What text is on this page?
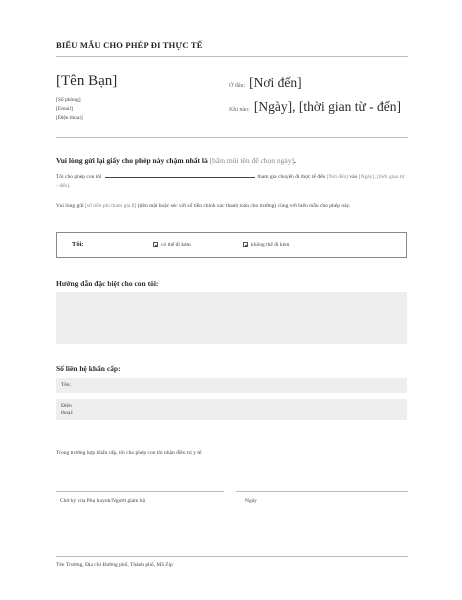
BIỂU MẪU CHO PHÉP ĐI THỰC TẾ
[Tên Bạn]
[Số phòng]
[Email]
[Điện thoại]
Ở đâu: [Nơi đến]
Khi nào: [Ngày], [thời gian từ - đến]
Vui lòng gửi lại giấy cho phép này chậm nhất là [bấm mũi tên để chọn ngày].
Tôi cho phép con tôi	tham gia chuyến đi thực tế đến [Nơi đến] vào [Ngày], [thời gian từ - đến].
Vui lòng gửi [số tiền phí tham gia $] (tiền mặt hoặc séc với số tiền chính xác thanh toán cho trường) cùng với biểu mẫu cho phép này.
Tôi:	có thể đi kèm	không thể đi kèm
Hướng dẫn đặc biệt cho con tôi:
Số liên hệ khẩn cấp:
Tên:
Điện thoại:
Trong trường hợp khẩn cấp, tôi cho phép con tôi nhận điều trị y tế.
Chữ ký của Phụ huynh/Người giám hộ	Ngày
Tên Trường, Địa chỉ Đường phố, Thành phố, Mã Zip
